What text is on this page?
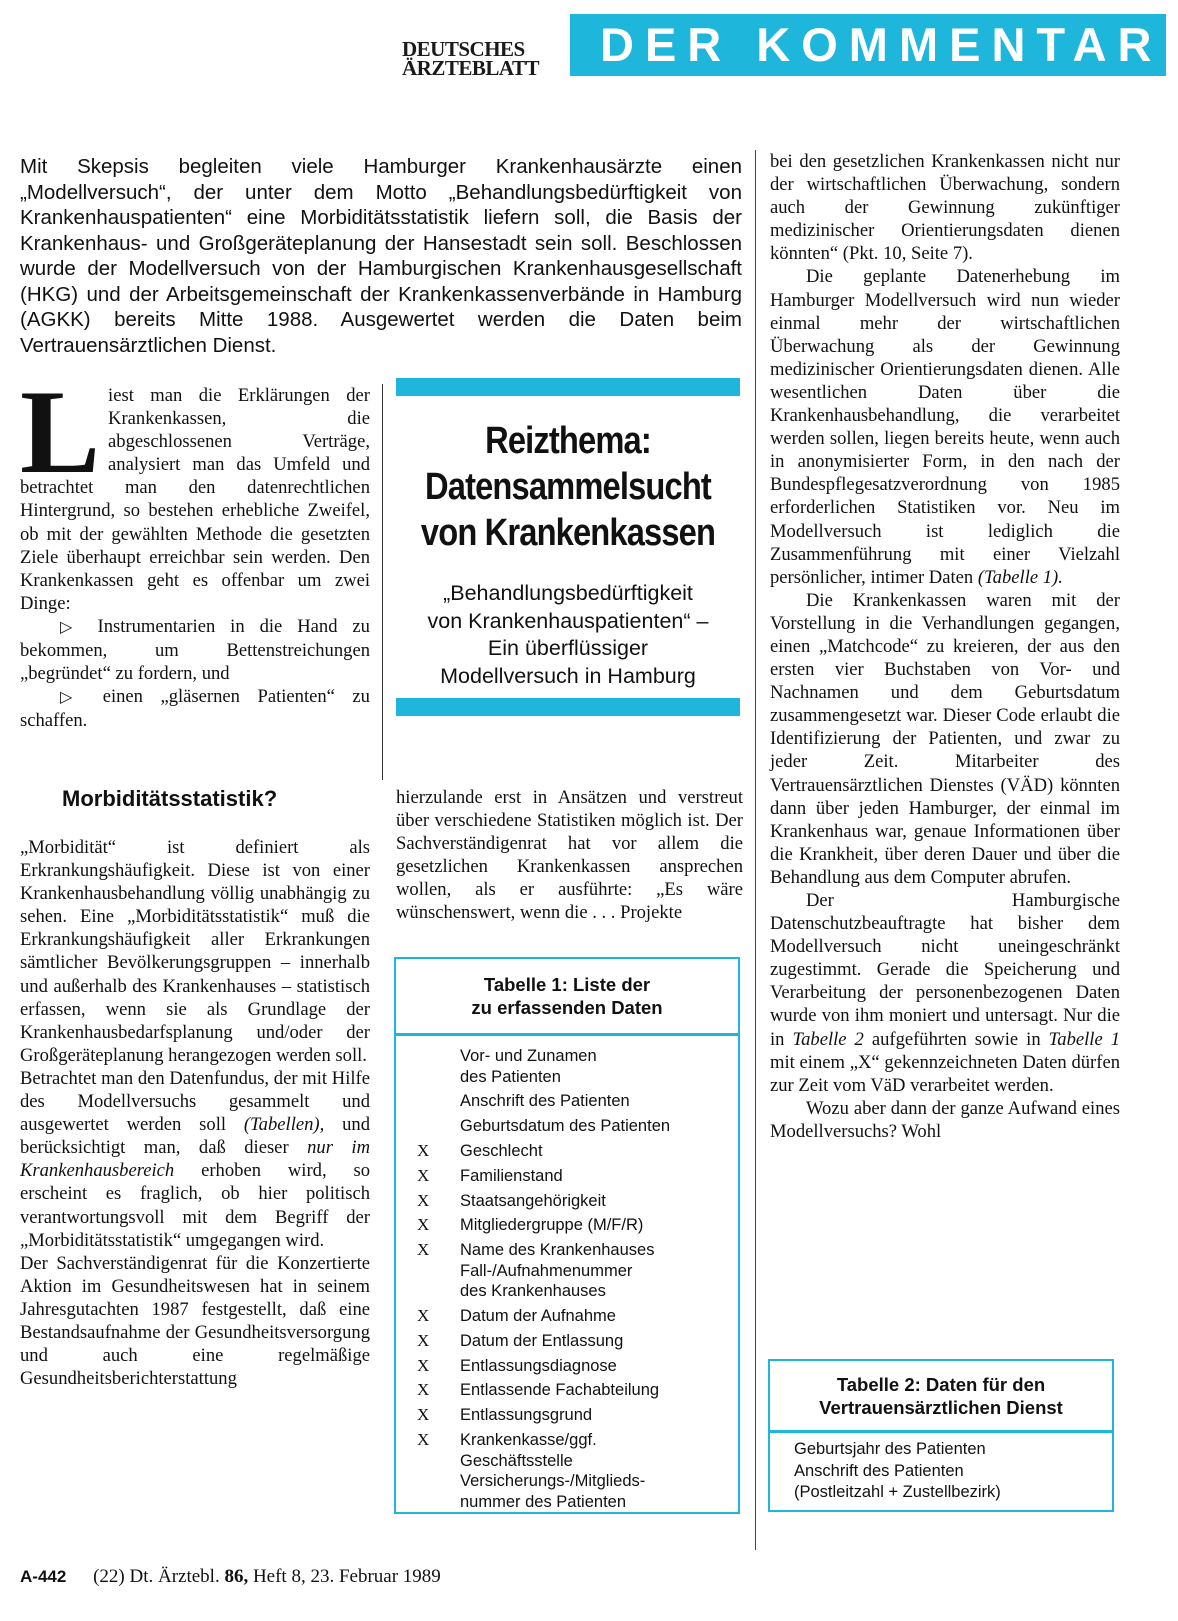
DEUTSCHES
ÄRZTEBLATT	DER KOMMENTAR
Mit Skepsis begleiten viele Hamburger Krankenhausärzte einen „Modellversuch“, der unter dem Motto „Behandlungsbedürftigkeit von Krankenhauspatienten“ eine Morbiditätsstatistik liefern soll, die Basis der Krankenhaus- und Großgeräteplanung der Hansestadt sein soll. Beschlossen wurde der Modellversuch von der Hamburgischen Krankenhausgesellschaft (HKG) und der Arbeitsgemeinschaft der Krankenkassenverbände in Hamburg (AGKK) bereits Mitte 1988. Ausgewertet werden die Daten beim Vertrauensärztlichen Dienst.
L iest man die Erklärungen der Krankenkassen, die abgeschlossenen Verträge, analysiert man das Umfeld und betrachtet man den datenrechtlichen Hintergrund, so bestehen erhebliche Zweifel, ob mit der gewählten Methode die gesetzten Ziele überhaupt erreichbar sein werden. Den Krankenkassen geht es offenbar um zwei Dinge:

▷ Instrumentarien in die Hand zu bekommen, um Bettenstreichungen „begründet“ zu fordern, und
▷ einen „gläsernen Patienten“ zu schaffen.
Morbiditätsstatistik?

„Morbidität“ ist definiert als Erkrankungshäufigkeit. Diese ist von einer Krankenhausbehandlung völlig unabhängig zu sehen. Eine „Morbiditätsstatistik“ muß die Erkrankungshäufigkeit aller Erkrankungen sämtlicher Bevölkerungsgruppen – innerhalb und außerhalb des Krankenhauses – statistisch erfassen, wenn sie als Grundlage der Krankenhausbedarfsplanung und/oder der Großgeräteplanung herangezogen werden soll.

Betrachtet man den Datenfundus, der mit Hilfe des Modellversuchs gesammelt und ausgewertet werden soll (Tabellen), und berücksichtigt man, daß dieser nur im Krankenhausbereich erhoben wird, so erscheint es fraglich, ob hier politisch verantwortungsvoll mit dem Begriff der „Morbiditätsstatistik“ umgegangen wird.

Der Sachverständigenrat für die Konzertierte Aktion im Gesundheitswesen hat in seinem Jahresgutachten 1987 festgestellt, daß eine Bestandsaufnahme der Gesundheitsversorgung und auch eine regelmäßige Gesundheitsberichterstattung

Reizthema:
Datensammelsucht
von Krankenkassen
„Behandlungsbedürftigkeit
von Krankenhauspatienten“ –
Ein überflüssiger
Modellversuch in Hamburg

hierzulande erst in Ansätzen und verstreut über verschiedene Statistiken möglich ist. Der Sachverständigenrat hat vor allem die gesetzlichen Krankenkassen ansprechen wollen, als er ausführte: „Es wäre wünschenswert, wenn die . . . Projekte

Tabelle 1: Liste der
zu erfassenden Daten
Vor- und Zunamen
des Patienten
Anschrift des Patienten
Geburtsdatum des Patienten
X Geschlecht
X Familienstand
X Staatsangehörigkeit
X Mitgliedergruppe (M/F/R)
X Name des Krankenhauses
Fall-/Aufnahmenummer
des Krankenhauses
X Datum der Aufnahme
X Datum der Entlassung
X Entlassungsdiagnose
X Entlassende Fachabteilung
X Entlassungsgrund
X Krankenkasse/ggf.
Geschäftsstelle
Versicherungs-/Mitglieds-
nummer des Patienten

bei den gesetzlichen Krankenkassen nicht nur der wirtschaftlichen Überwachung, sondern auch der Gewinnung zukünftiger medizinischer Orientierungsdaten dienen könnten“ (Pkt. 10, Seite 7).

Die geplante Datenerhebung im Hamburger Modellversuch wird nun wieder einmal mehr der wirtschaftlichen Überwachung als der Gewinnung medizinischer Orientierungsdaten dienen. Alle wesentlichen Daten über die Krankenhausbehandlung, die verarbeitet werden sollen, liegen bereits heute, wenn auch in anonymisierter Form, in den nach der Bundespflegesatzverordnung von 1985 erforderlichen Statistiken vor. Neu im Modellversuch ist lediglich die Zusammenführung mit einer Vielzahl persönlicher, intimer Daten (Tabelle 1).

Die Krankenkassen waren mit der Vorstellung in die Verhandlungen gegangen, einen „Matchcode“ zu kreieren, der aus den ersten vier Buchstaben von Vor- und Nachnamen und dem Geburtsdatum zusammengesetzt war. Dieser Code erlaubt die Identifizierung der Patienten, und zwar zu jeder Zeit. Mitarbeiter des Vertrauensärztlichen Dienstes (VÄD) könnten dann über jeden Hamburger, der einmal im Krankenhaus war, genaue Informationen über die Krankheit, über deren Dauer und über die Behandlung aus dem Computer abrufen.

Der Hamburgische Datenschutzbeauftragte hat bisher dem Modellversuch nicht uneingeschränkt zugestimmt. Gerade die Speicherung und Verarbeitung der personenbezogenen Daten wurde von ihm moniert und untersagt. Nur die in Tabelle 2 aufgeführten sowie in Tabelle 1 mit einem „X“ gekennzeichneten Daten dürfen zur Zeit vom VäD verarbeitet werden.

Wozu aber dann der ganze Aufwand eines Modellversuchs? Wohl

Tabelle 2: Daten für den
Vertrauensärztlichen Dienst
Geburtsjahr des Patienten
Anschrift des Patienten
(Postleitzahl + Zustellbezirk)
A-442 (22) Dt. Ärztebl. 86, Heft 8, 23. Februar 1989
